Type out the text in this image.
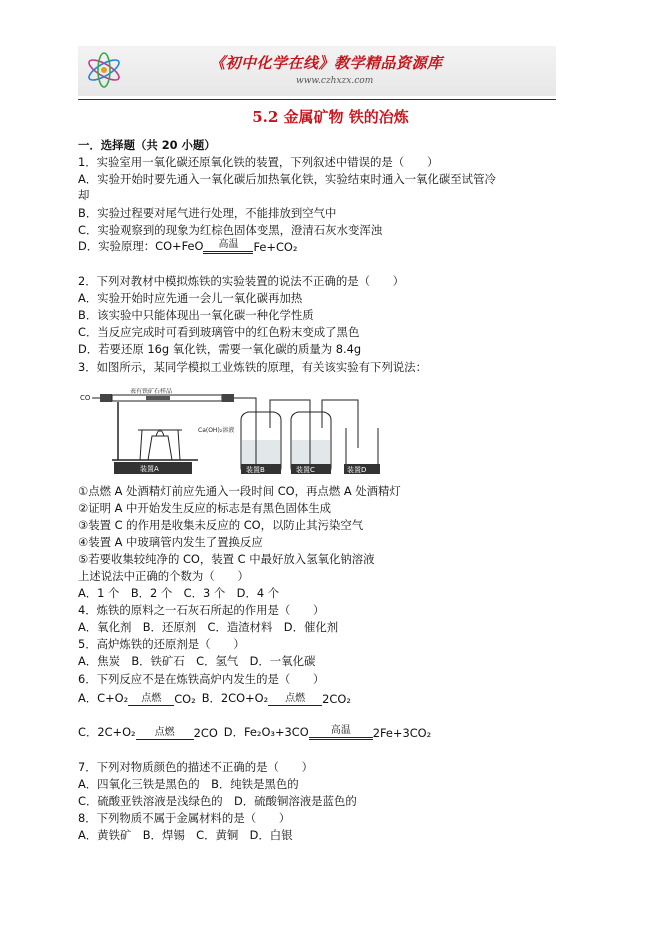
《初中化学在线》教学精品资源库
www.czhxzx.com
5.2 金属矿物 铁的冶炼
一．选择题（共 20 小题）
1．实验室用一氧化碳还原氧化铁的装置，下列叙述中错误的是（　　）
A．实验开始时要先通入一氧化碳后加热氧化铁，实验结束时通入一氧化碳至试管冷
却
B．实验过程要对尾气进行处理，不能排放到空气中
C．实验观察到的现象为红棕色固体变黑，澄清石灰水变浑浊
D．实验原理：CO+FeO	高温	Fe+CO₂
2．下列对教材中模拟炼铁的实验装置的说法不正确的是（　　）
A．实验开始时应先通一会儿一氧化碳再加热
B．该实验中只能体现出一氧化碳一种化学性质
C．当反应完成时可看到玻璃管中的红色粉末变成了黑色
D．若要还原 16g 氧化铁，需要一氧化碳的质量为 8.4g
3．如图所示，某同学模拟工业炼铁的原理，有关该实验有下列说法：
CO
表有铁矿石样品
Ca(OH)₂溶液
装置A	装置B	装置C	装置D
①点燃 A 处酒精灯前应先通入一段时间 CO，再点燃 A 处酒精灯
②证明 A 中开始发生反应的标志是有黑色固体生成
③装置 C 的作用是收集未反应的 CO，以防止其污染空气
④装置 A 中玻璃管内发生了置换反应
⑤若要收集较纯净的 CO，装置 C 中最好放入氢氧化钠溶液
上述说法中正确的个数为（　　）
A．1 个　B．2 个　C．3 个　D．4 个
4．炼铁的原料之一石灰石所起的作用是（　　）
A．氧化剂　B．还原剂　C．造渣材料　D．催化剂
5．高炉炼铁的还原剂是（　　）
A．焦炭　B．铁矿石　C．氢气　D．一氧化碳
6．下列反应不是在炼铁高炉内发生的是（　　）
A．C+O₂	点燃	CO₂ B．2CO+O₂	点燃	2CO₂
C．2C+O₂	点燃	2CO D．Fe₂O₃+3CO	高温	2Fe+3CO₂
7．下列对物质颜色的描述不正确的是（　　）
A．四氧化三铁是黑色的　B．纯铁是黑色的
C．硫酸亚铁溶液是浅绿色的　D．硫酸铜溶液是蓝色的
8．下列物质不属于金属材料的是（　　）
A．黄铁矿　B．焊锡　C．黄铜　D．白银
